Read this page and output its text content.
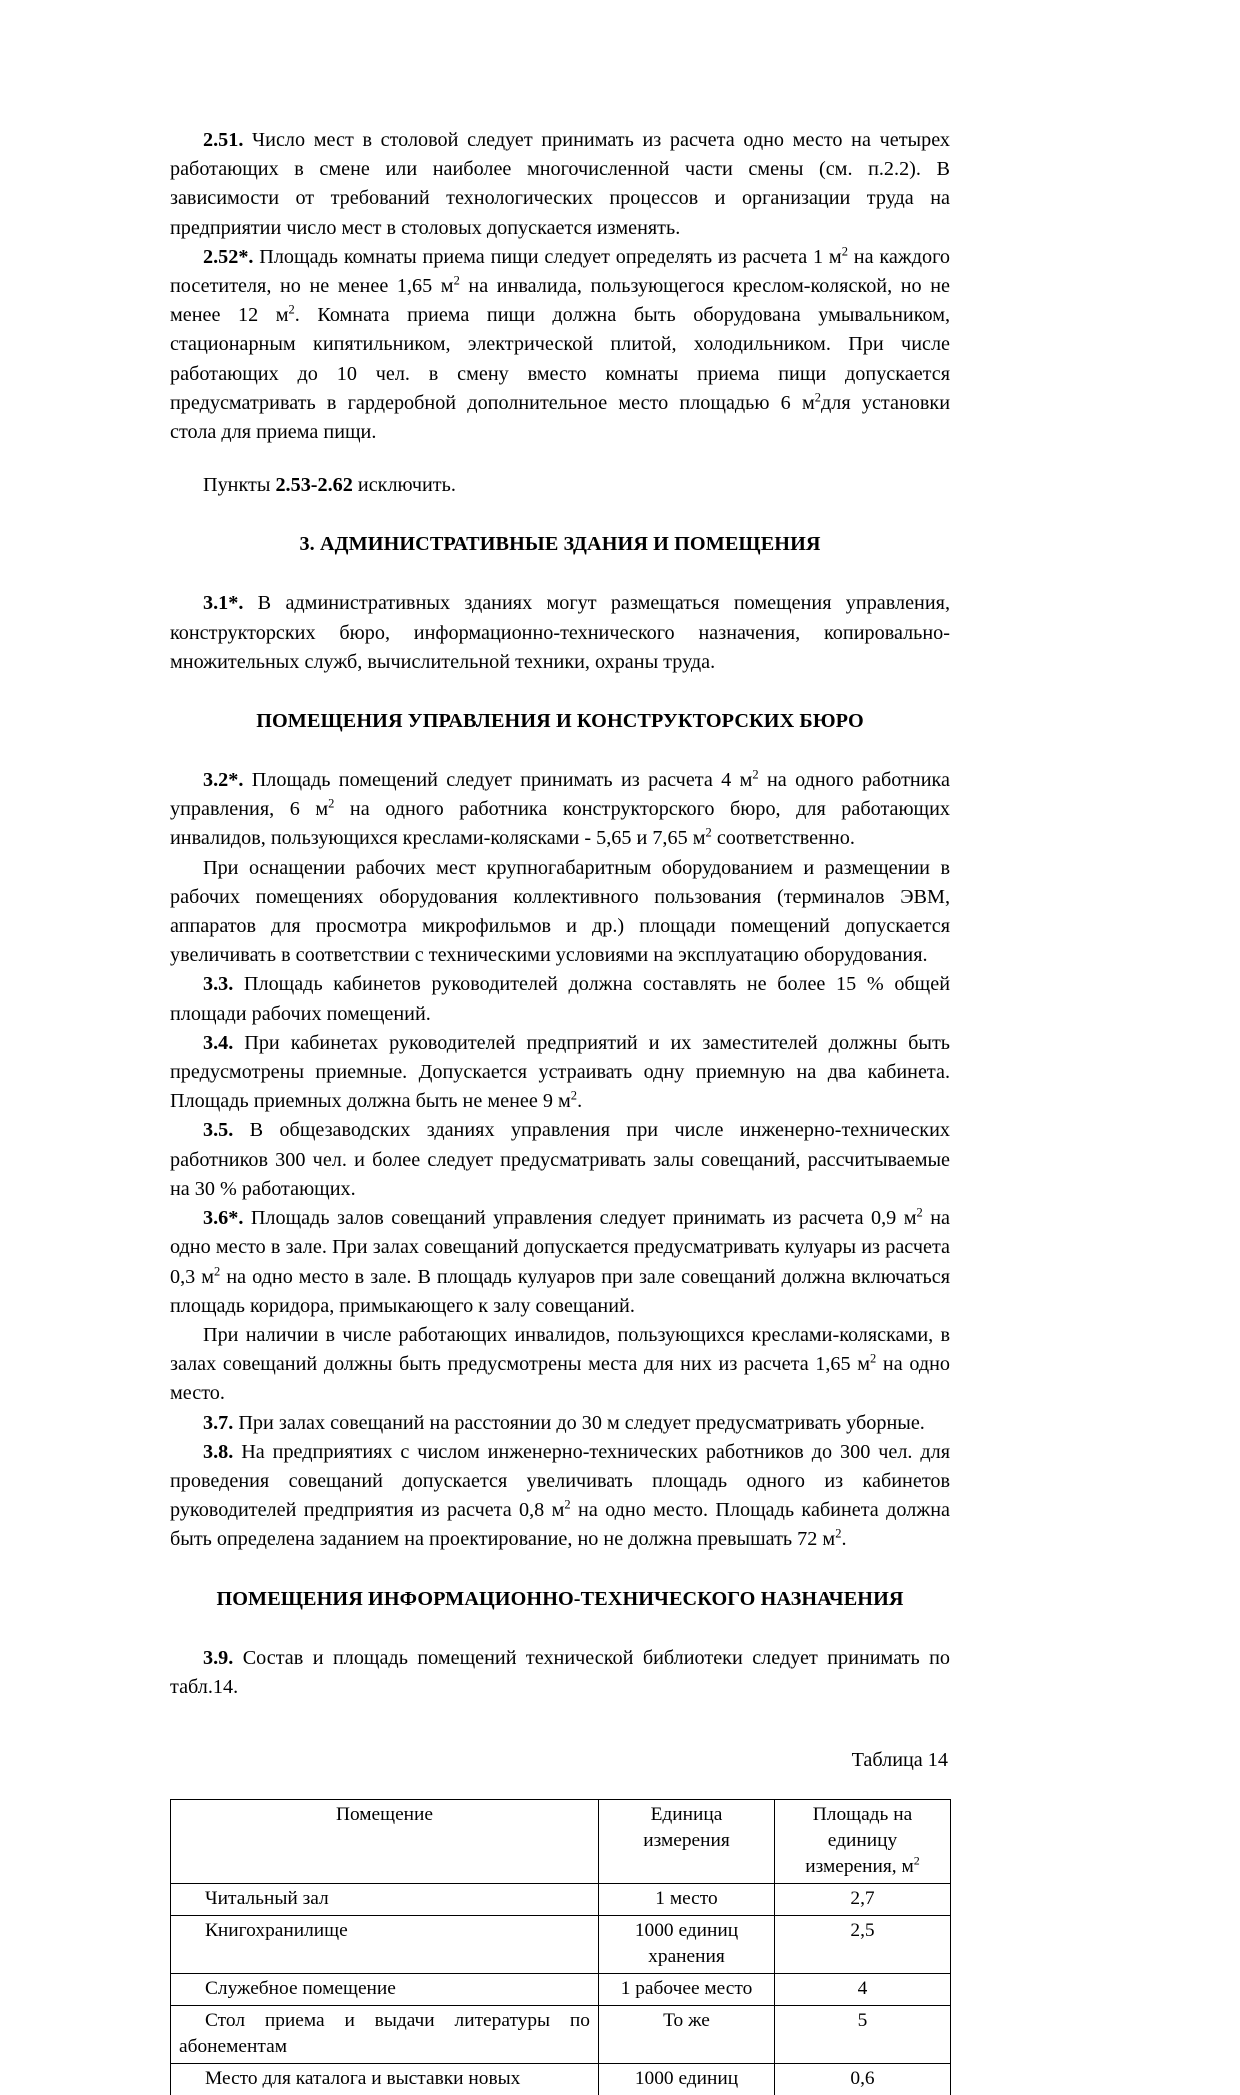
2.51. Число мест в столовой следует принимать из расчета одно место на четырех работающих в смене или наиболее многочисленной части смены (см. п.2.2). В зависимости от требований технологических процессов и организации труда на предприятии число мест в столовых допускается изменять.

2.52*. Площадь комнаты приема пищи следует определять из расчета 1 $м^2$ на каждого посетителя, но не менее 1,65 $м^2$ на инвалида, пользующегося креслом-коляской, но не менее 12 $м^2$. Комната приема пищи должна быть оборудована умывальником, стационарным кипятильником, электрической плитой, холодильником. При числе работающих до 10 чел. в смену вместо комнаты приема пищи допускается предусматривать в гардеробной дополнительное место площадью 6 $м^2для$ установки стола для приема пищи.

Пункты 2.53-2.62 исключить.

3. АДМИНИСТРАТИВНЫЕ ЗДАНИЯ И ПОМЕЩЕНИЯ

3.1*. В административных зданиях могут размещаться помещения управления, конструкторских бюро, информационно-технического назначения, копировально-множительных служб, вычислительной техники, охраны труда.

ПОМЕЩЕНИЯ УПРАВЛЕНИЯ И КОНСТРУКТОРСКИХ БЮРО

3.2*. Площадь помещений следует принимать из расчета 4 $м^2$ на одного работника управления, 6 $м^2$ на одного работника конструкторского бюро, для работающих инвалидов, пользующихся креслами-колясками - 5,65 и 7,65 $м^2$ соответственно.

При оснащении рабочих мест крупногабаритным оборудованием и размещении в рабочих помещениях оборудования коллективного пользования (терминалов ЭВМ, аппаратов для просмотра микрофильмов и др.) площади помещений допускается увеличивать в соответствии с техническими условиями на эксплуатацию оборудования.

3.3. Площадь кабинетов руководителей должна составлять не более 15 % общей площади рабочих помещений.

3.4. При кабинетах руководителей предприятий и их заместителей должны быть предусмотрены приемные. Допускается устраивать одну приемную на два кабинета. Площадь приемных должна быть не менее 9 $м^2$.

3.5. В общезаводских зданиях управления при числе инженерно-технических работников 300 чел. и более следует предусматривать залы совещаний, рассчитываемые на 30 % работающих.

3.6*. Площадь залов совещаний управления следует принимать из расчета 0,9 $м^2$ на одно место в зале. При залах совещаний допускается предусматривать кулуары из расчета 0,3 $м^2$ на одно место в зале. В площадь кулуаров при зале совещаний должна включаться площадь коридора, примыкающего к залу совещаний.

При наличии в числе работающих инвалидов, пользующихся креслами-колясками, в залах совещаний должны быть предусмотрены места для них из расчета 1,65 $м^2$ на одно место.

3.7. При залах совещаний на расстоянии до 30 м следует предусматривать уборные.

3.8. На предприятиях с числом инженерно-технических работников до 300 чел. для проведения совещаний допускается увеличивать площадь одного из кабинетов руководителей предприятия из расчета 0,8 $м^2$ на одно место. Площадь кабинета должна быть определена заданием на проектирование, но не должна превышать 72 $м^2$.

ПОМЕЩЕНИЯ ИНФОРМАЦИОННО-ТЕХНИЧЕСКОГО НАЗНАЧЕНИЯ

3.9. Состав и площадь помещений технической библиотеки следует принимать по табл.14.

Таблица 14

Помещение	Единица измерения	Площадь на единицу
измерения, $м^2$
Читальный зал	1 место	2,7
Книгохранилище	1000 единиц
хранения	2,5
Служебное помещение	1 рабочее место	4
Стол приема и выдачи литературы по абонементам	То же	5
Место для каталога и выставки новых	1000 единиц	0,6
